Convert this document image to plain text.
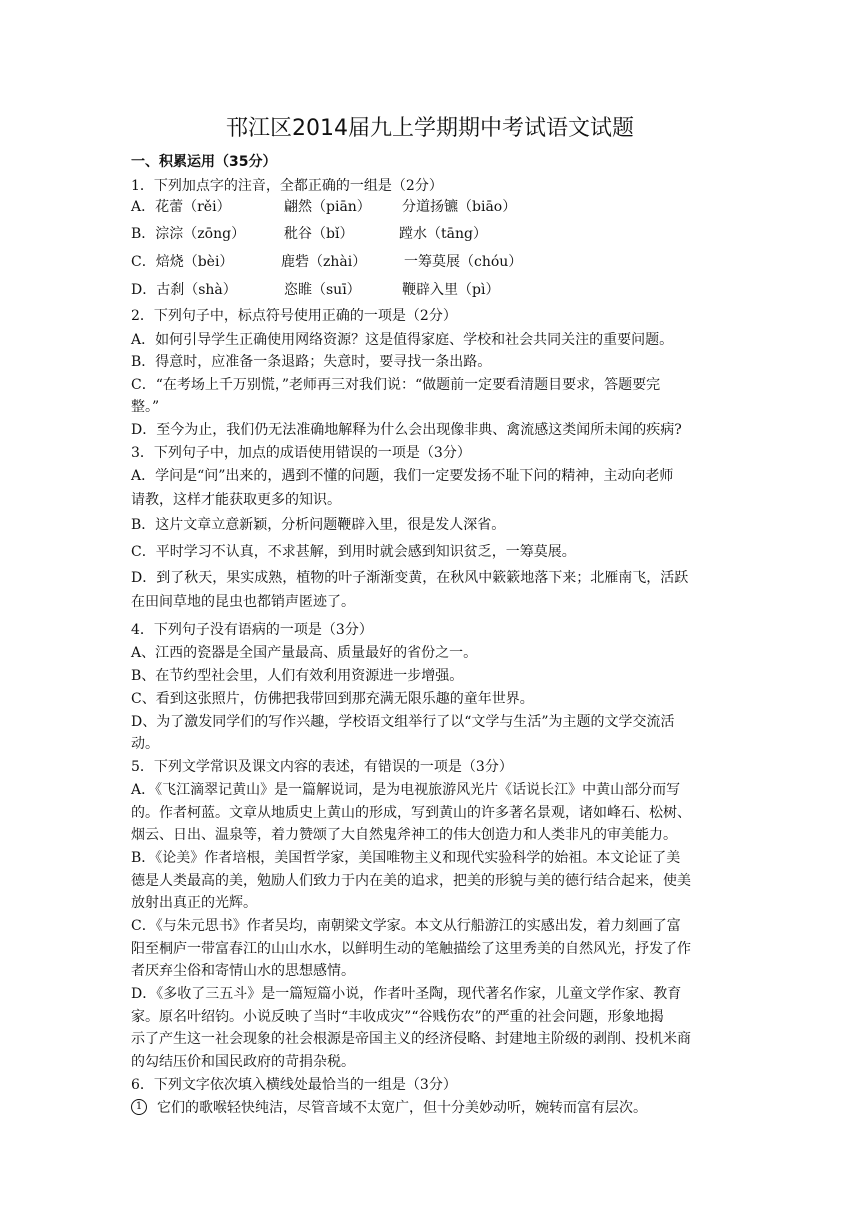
邗江区2014届九上学期期中考试语文试题
一、积累运用（35分）
1．下列加点字的注音，全都正确的一组是（2分）
A．花蕾（rěi）	翩然（piān） 分道扬镳（biāo）
B．淙淙（zōng）	秕谷（bǐ）	蹚水（tāng）
C．焙烧（bèi）	鹿砦（zhài）	一筹莫展（chóu）
D．古刹（shà）	恣睢（suī）	鞭辟入里（pì）
2．下列句子中，标点符号使用正确的一项是（2分）
A．如何引导学生正确使用网络资源？这是值得家庭、学校和社会共同关注的重要问题。
B．得意时，应准备一条退路；失意时，要寻找一条出路。
C．“在考场上千万别慌，”老师再三对我们说：“做题前一定要看清题目要求，答题要完
整。”
D．至今为止，我们仍无法准确地解释为什么会出现像非典、禽流感这类闻所未闻的疾病?
3．下列句子中，加点的成语使用错误的一项是（3分）
A．学问是“问”出来的，遇到不懂的问题，我们一定要发扬不耻下问的精神，主动向老师
请教，这样才能获取更多的知识。
B．这片文章立意新颖，分析问题鞭辟入里，很是发人深省。
C．平时学习不认真，不求甚解，到用时就会感到知识贫乏，一筹莫展。
D．到了秋天，果实成熟，植物的叶子渐渐变黄，在秋风中簌簌地落下来；北雁南飞，活跃
在田间草地的昆虫也都销声匿迹了。
4．下列句子没有语病的一项是（3分）
A、江西的瓷器是全国产量最高、质量最好的省份之一。
B、在节约型社会里，人们有效利用资源进一步增强。
C、看到这张照片，仿佛把我带回到那充满无限乐趣的童年世界。
D、为了激发同学们的写作兴趣，学校语文组举行了以“文学与生活”为主题的文学交流活
动。
5．下列文学常识及课文内容的表述，有错误的一项是（3分）
A．《飞江滴翠记黄山》是一篇解说词，是为电视旅游风光片《话说长江》中黄山部分而写
的。作者柯蓝。文章从地质史上黄山的形成，写到黄山的许多著名景观，诸如峰石、松树、
烟云、日出、温泉等，着力赞颂了大自然鬼斧神工的伟大创造力和人类非凡的审美能力。
B．《论美》作者培根，美国哲学家，美国唯物主义和现代实验科学的始祖。本文论证了美
德是人类最高的美，勉励人们致力于内在美的追求，把美的形貌与美的德行结合起来，使美
放射出真正的光辉。
C．《与朱元思书》作者吴均，南朝梁文学家。本文从行船游江的实感出发，着力刻画了富
阳至桐庐一带富春江的山山水水，以鲜明生动的笔触描绘了这里秀美的自然风光，抒发了作
者厌弃尘俗和寄情山水的思想感情。
D．《多收了三五斗》是一篇短篇小说，作者叶圣陶，现代著名作家，儿童文学作家、教育
家。原名叶绍钧。小说反映了当时“丰收成灾”“谷贱伤农”的严重的社会问题，形象地揭
示了产生这一社会现象的社会根源是帝国主义的经济侵略、封建地主阶级的剥削、投机米商
的勾结压价和国民政府的苛捐杂税。
6．下列文字依次填入横线处最恰当的一组是（3分）
1 它们的歌喉轻快纯洁，尽管音域不太宽广，但十分美妙动听，婉转而富有层次。
